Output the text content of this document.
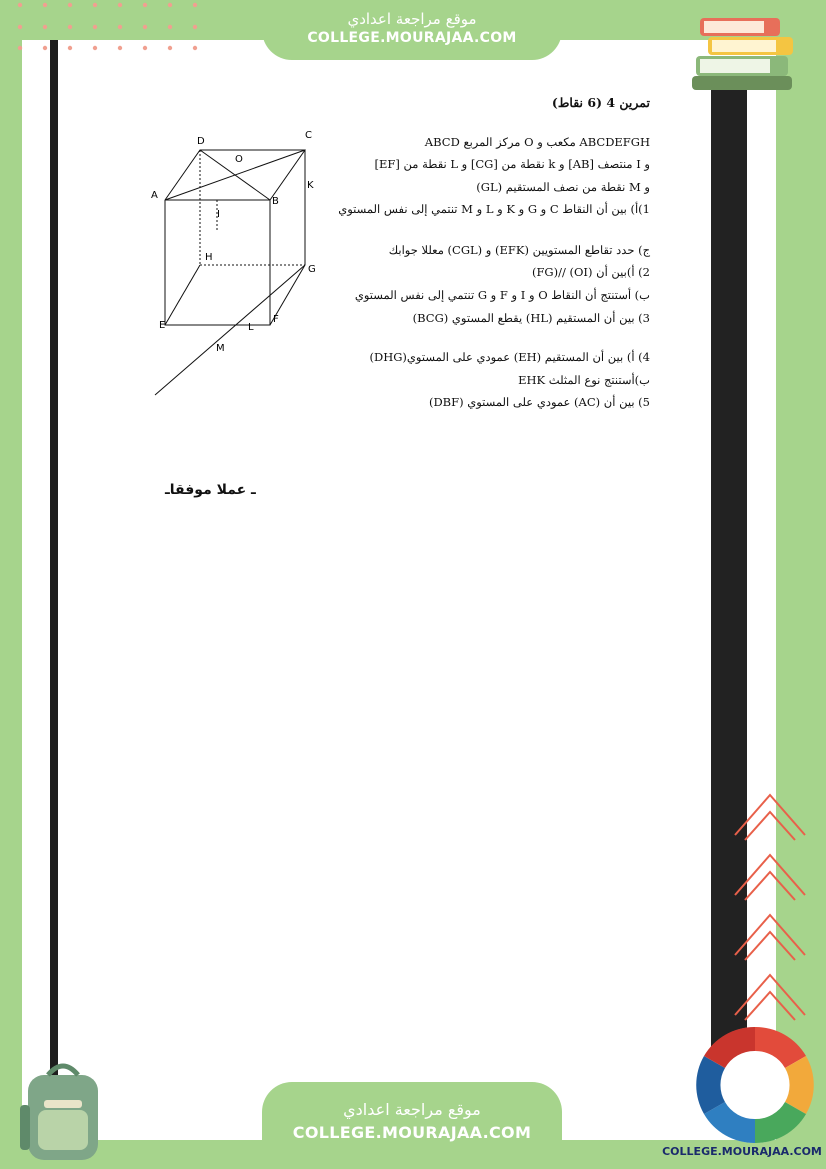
موقع مراجعة اعدادي
COLLEGE.MOURAJAA.COM
D
C
O
A
B
K
I
H
G
E
F
L
M
تمرين 4 (6 نقاط)
ABCDEFGH مكعب و O مركز المربع ABCD
و I منتصف [AB] و k نقطة من [CG] و L نقطة من [EF]
و M نقطة من نصف المستقيم (GL)
1)أ) بين أن النقاط C و G و K و L و M تنتمي إلى نفس المستوي
ج) حدد تقاطع المستويين (EFK) و (CGL) معللا جوابك
2) أ)بين أن (OI) //(FG)
ب) أستنتج أن النقاط O و I و F و G تنتمي إلى نفس المستوي
3) بين أن المستقيم (HL) يقطع المستوي (BCG)
4) أ) بين أن المستقيم (EH) عمودي على المستوي(DHG)
ب)أستنتج نوع المثلث EHK
5) بين أن (AC) عمودي على المستوي (DBF)
ـ عملا موفقاـ
موقع مراجعة اعدادي
COLLEGE.MOURAJAA.COM
COLLEGE.MOURAJAA.COM
